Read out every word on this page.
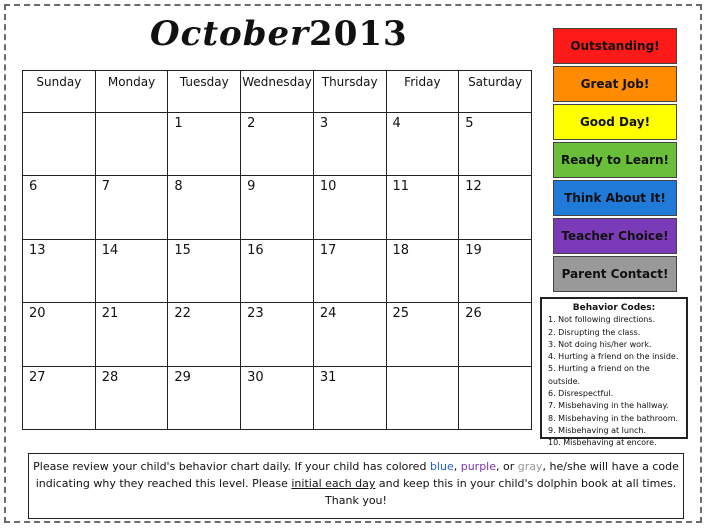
October2013
Sunday	Monday	Tuesday	Wednesday	Thursday	Friday	Saturday
		1	2	3	4	5
6	7	8	9	10	11	12
13	14	15	16	17	18	19
20	21	22	23	24	25	26
27	28	29	30	31		
Outstanding!
Great Job!
Good Day!
Ready to Learn!
Think About It!
Teacher Choice!
Parent Contact!
Behavior Codes:
1. Not following directions.
2. Disrupting the class.
3. Not doing his/her work.
4. Hurting a friend on the inside.
5. Hurting a friend on the outside.
6. Disrespectful.
7. Misbehaving in the hallway.
8. Misbehaving in the bathroom.
9. Misbehaving at lunch.
10. Misbehaving at encore.
Please review your child's behavior chart daily. If your child has colored blue, purple, or gray, he/she will have a code
indicating why they reached this level. Please initial each day and keep this in your child's dolphin book at all times.
Thank you!
